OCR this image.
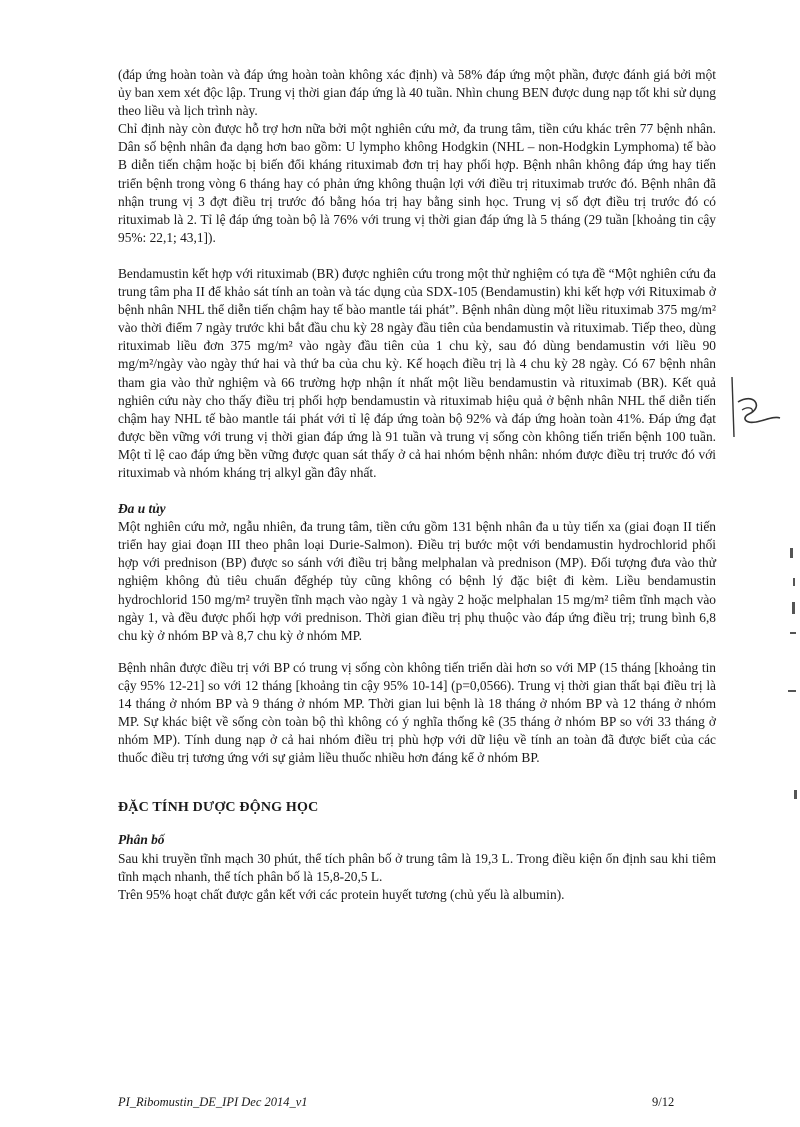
(đáp ứng hoàn toàn và đáp ứng hoàn toàn không xác định) và 58% đáp ứng một phần, được đánh giá bởi một ủy ban xem xét độc lập. Trung vị thời gian đáp ứng là 40 tuần. Nhìn chung BEN được dung nạp tốt khi sử dụng theo liều và lịch trình này.

Chỉ định này còn được hỗ trợ hơn nữa bởi một nghiên cứu mở, đa trung tâm, tiền cứu khác trên 77 bệnh nhân. Dân số bệnh nhân đa dạng hơn bao gồm: U lympho không Hodgkin (NHL – non-Hodgkin Lymphoma) tế bào B diễn tiến chậm hoặc bị biến đổi kháng rituximab đơn trị hay phối hợp. Bệnh nhân không đáp ứng hay tiến triển bệnh trong vòng 6 tháng hay có phản ứng không thuận lợi với điều trị rituximab trước đó. Bệnh nhân đã nhận trung vị 3 đợt điều trị trước đó bằng hóa trị hay bằng sinh học. Trung vị số đợt điều trị trước đó có rituximab là 2. Tỉ lệ đáp ứng toàn bộ là 76% với trung vị thời gian đáp ứng là 5 tháng (29 tuần [khoảng tin cậy 95%: 22,1; 43,1]).

Bendamustin kết hợp với rituximab (BR) được nghiên cứu trong một thử nghiệm có tựa đề “Một nghiên cứu đa trung tâm pha II để khảo sát tính an toàn và tác dụng của SDX-105 (Bendamustin) khi kết hợp với Rituximab ở bệnh nhân NHL thể diễn tiến chậm hay tế bào mantle tái phát”. Bệnh nhân dùng một liều rituximab 375 mg/m² vào thời điểm 7 ngày trước khi bắt đầu chu kỳ 28 ngày đầu tiên của bendamustin và rituximab. Tiếp theo, dùng rituximab liều đơn 375 mg/m² vào ngày đầu tiên của 1 chu kỳ, sau đó dùng bendamustin với liều 90 mg/m²/ngày vào ngày thứ hai và thứ ba của chu kỳ. Kế hoạch điều trị là 4 chu kỳ 28 ngày. Có 67 bệnh nhân tham gia vào thử nghiệm và 66 trường hợp nhận ít nhất một liều bendamustin và rituximab (BR). Kết quả nghiên cứu này cho thấy điều trị phối hợp bendamustin và rituximab hiệu quả ở bệnh nhân NHL thể diễn tiến chậm hay NHL tế bào mantle tái phát với tỉ lệ đáp ứng toàn bộ 92% và đáp ứng hoàn toàn 41%. Đáp ứng đạt được bền vững với trung vị thời gian đáp ứng là 91 tuần và trung vị sống còn không tiến triển bệnh 100 tuần. Một tỉ lệ cao đáp ứng bền vững được quan sát thấy ở cả hai nhóm bệnh nhân: nhóm được điều trị trước đó với rituximab và nhóm kháng trị alkyl gần đây nhất.

Đa u tủy

Một nghiên cứu mở, ngẫu nhiên, đa trung tâm, tiền cứu gồm 131 bệnh nhân đa u tủy tiến xa (giai đoạn II tiến triển hay giai đoạn III theo phân loại Durie-Salmon). Điều trị bước một với bendamustin hydrochlorid phối hợp với prednison (BP) được so sánh với điều trị bằng melphalan và prednison (MP). Đối tượng đưa vào thử nghiệm không đủ tiêu chuẩn đểghép tủy cũng không có bệnh lý đặc biệt đi kèm. Liều bendamustin hydrochlorid 150 mg/m² truyền tĩnh mạch vào ngày 1 và ngày 2 hoặc melphalan 15 mg/m² tiêm tĩnh mạch vào ngày 1, và đều được phối hợp với prednison. Thời gian điều trị phụ thuộc vào đáp ứng điều trị; trung bình 6,8 chu kỳ ở nhóm BP và 8,7 chu kỳ ở nhóm MP.

Bệnh nhân được điều trị với BP có trung vị sống còn không tiến triển dài hơn so với MP (15 tháng [khoảng tin cậy 95% 12-21] so với 12 tháng [khoảng tin cậy 95% 10-14] (p=0,0566). Trung vị thời gian thất bại điều trị là 14 tháng ở nhóm BP và 9 tháng ở nhóm MP. Thời gian lui bệnh là 18 tháng ở nhóm BP và 12 tháng ở nhóm MP. Sự khác biệt về sống còn toàn bộ thì không có ý nghĩa thống kê (35 tháng ở nhóm BP so với 33 tháng ở nhóm MP). Tính dung nạp ở cả hai nhóm điều trị phù hợp với dữ liệu về tính an toàn đã được biết của các thuốc điều trị tương ứng với sự giảm liều thuốc nhiều hơn đáng kể ở nhóm BP.

ĐẶC TÍNH DƯỢC ĐỘNG HỌC

Phân bố

Sau khi truyền tĩnh mạch 30 phút, thể tích phân bố ở trung tâm là 19,3 L. Trong điều kiện ổn định sau khi tiêm tĩnh mạch nhanh, thể tích phân bố là 15,8-20,5 L.

Trên 95% hoạt chất được gắn kết với các protein huyết tương (chủ yếu là albumin).

PI_Ribomustin_DE_IPI Dec 2014_v1	9/12
